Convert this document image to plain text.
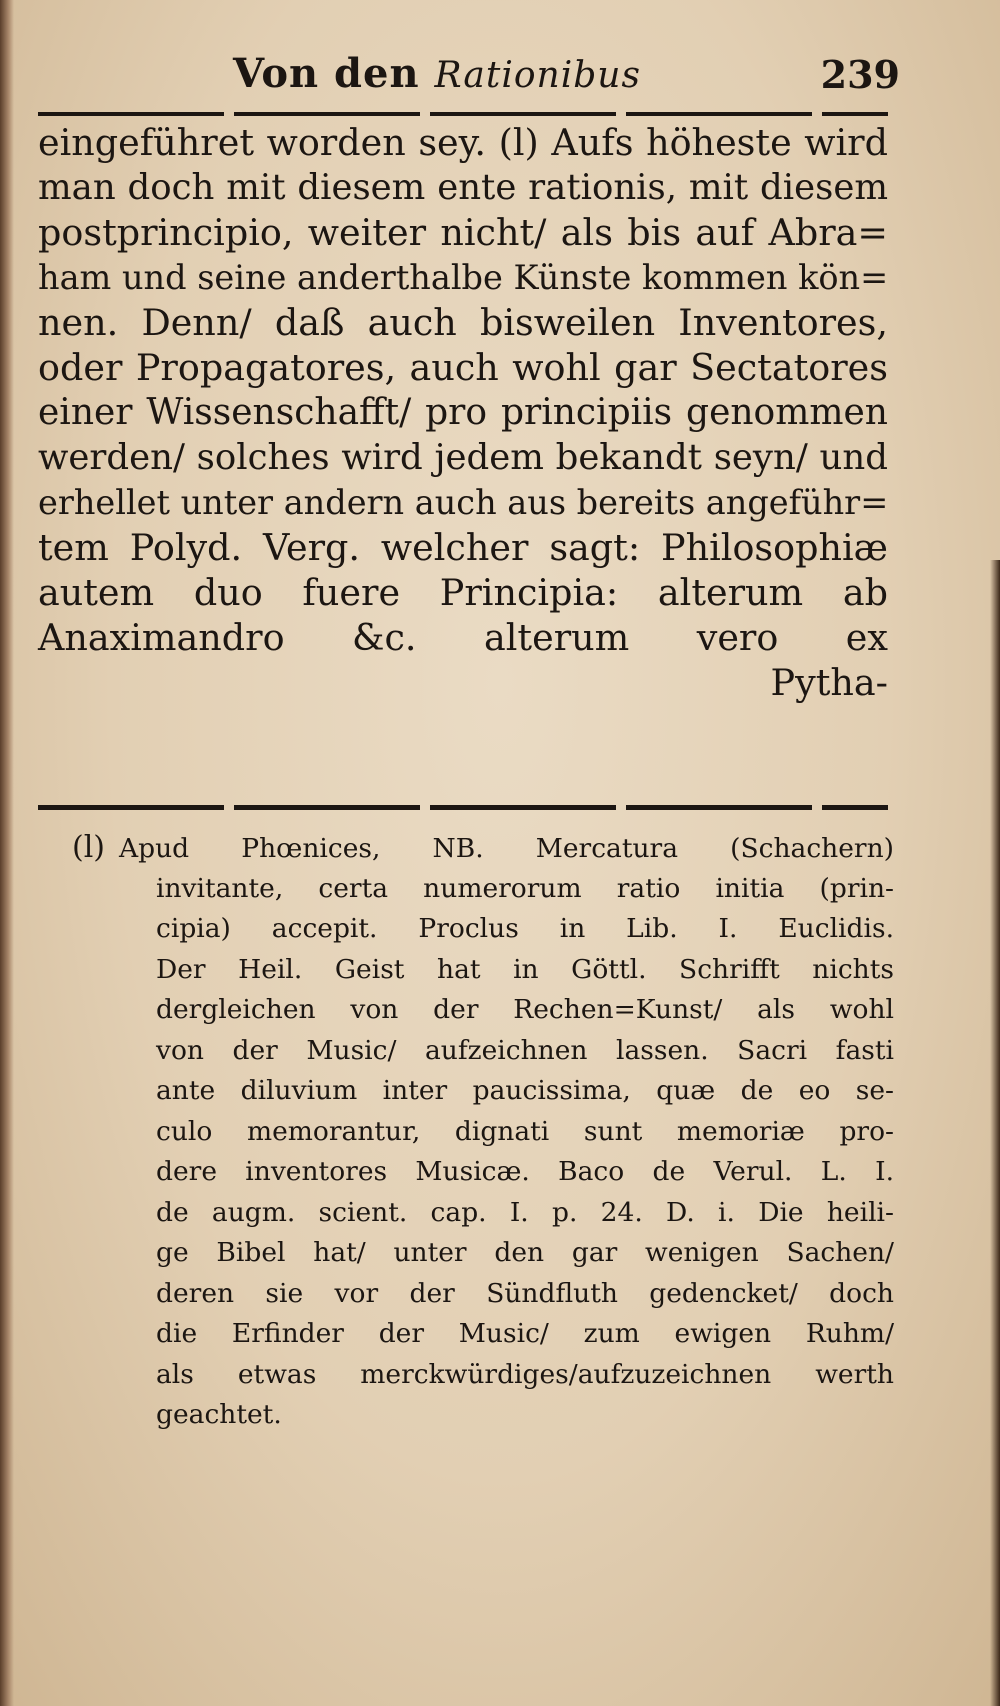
Von den Rationibus	239
eingeführet worden sey. (l) Aufs höheste wird
man doch mit diesem ente rationis, mit diesem
postprincipio, weiter nicht/ als bis auf Abra=
ham und seine anderthalbe Künste kommen kön=
nen. Denn/ daß auch bisweilen Inventores,
oder Propagatores, auch wohl gar Sectatores
einer Wissenschafft/ pro principiis genommen
werden/ solches wird jedem bekandt seyn/ und
erhellet unter andern auch aus bereits angeführ=
tem Polyd. Verg. welcher sagt: Philosophiæ
autem duo fuere Principia: alterum ab
Anaximandro &c. alterum vero ex
Pytha-
(l) Apud Phœnices, NB. Mercatura (Schachern)
invitante, certa numerorum ratio initia (prin-
cipia) accepit. Proclus in Lib. I. Euclidis.
Der Heil. Geist hat in Göttl. Schrifft nichts
dergleichen von der Rechen=Kunst/ als wohl
von der Music/ aufzeichnen lassen. Sacri fasti
ante diluvium inter paucissima, quæ de eo se-
culo memorantur, dignati sunt memoriæ pro-
dere inventores Musicæ. Baco de Verul. L. I.
de augm. scient. cap. I. p. 24. D. i. Die heili-
ge Bibel hat/ unter den gar wenigen Sachen/
deren sie vor der Sündfluth gedencket/ doch
die Erfinder der Music/ zum ewigen Ruhm/
als etwas merckwürdiges/aufzuzeichnen werth
geachtet.
